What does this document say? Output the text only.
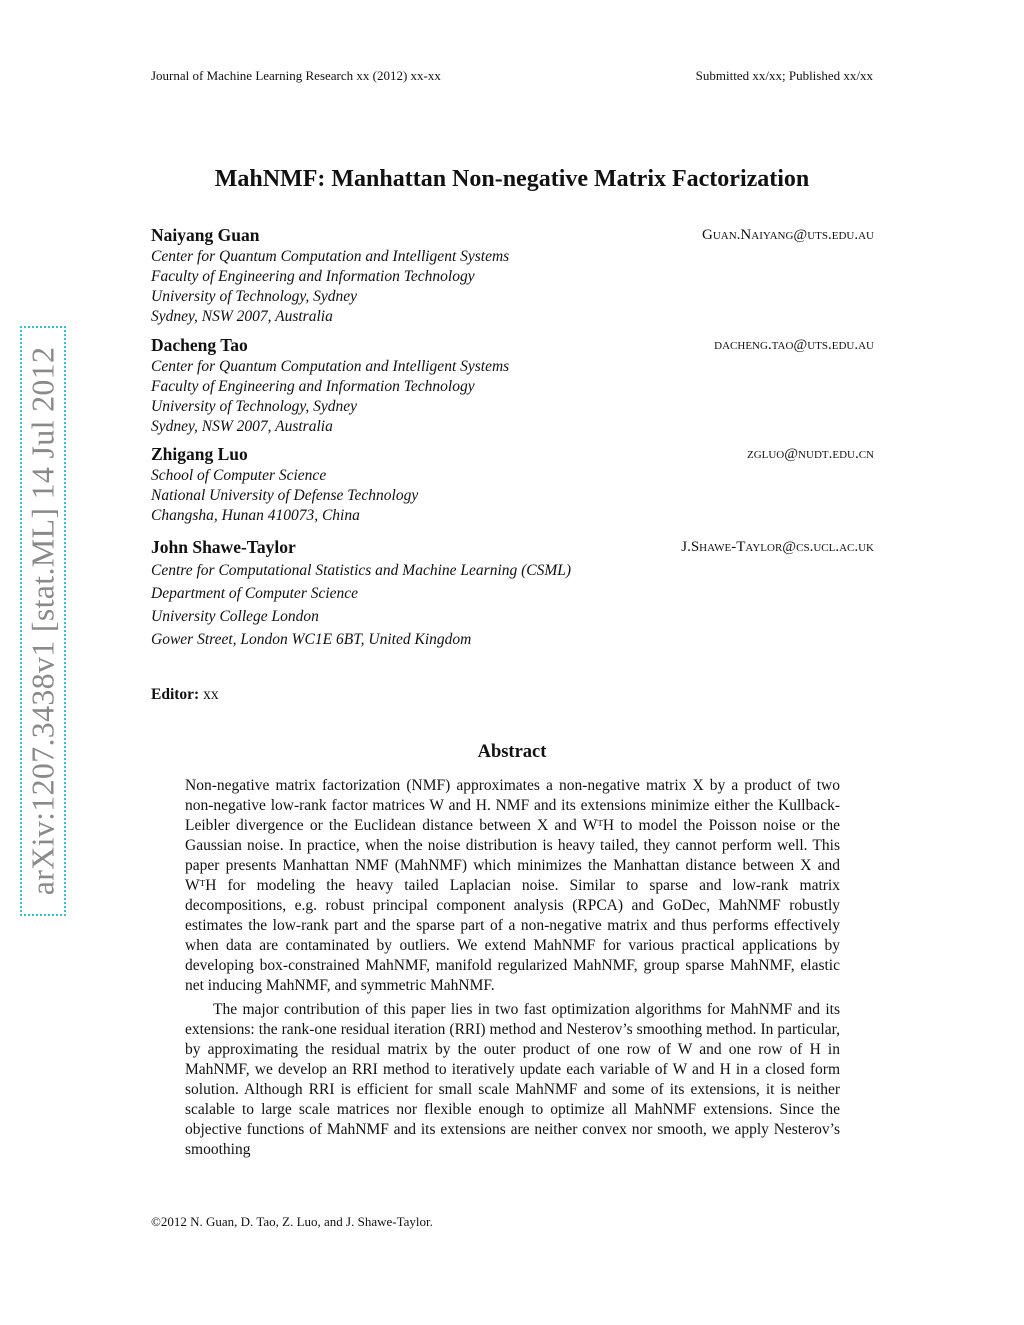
Journal of Machine Learning Research xx (2012) xx-xx	Submitted xx/xx; Published xx/xx
arXiv:1207.3438v1 [stat.ML] 14 Jul 2012
MahNMF: Manhattan Non-negative Matrix Factorization
Naiyang Guan	Guan.Naiyang@uts.edu.au
Center for Quantum Computation and Intelligent Systems
Faculty of Engineering and Information Technology
University of Technology, Sydney
Sydney, NSW 2007, Australia
Dacheng Tao	dacheng.tao@uts.edu.au
Center for Quantum Computation and Intelligent Systems
Faculty of Engineering and Information Technology
University of Technology, Sydney
Sydney, NSW 2007, Australia
Zhigang Luo	zgluo@nudt.edu.cn
School of Computer Science
National University of Defense Technology
Changsha, Hunan 410073, China
John Shawe-Taylor	J.Shawe-Taylor@cs.ucl.ac.uk
Centre for Computational Statistics and Machine Learning (CSML)
Department of Computer Science
University College London
Gower Street, London WC1E 6BT, United Kingdom
Editor: xx
Abstract

Non-negative matrix factorization (NMF) approximates a non-negative matrix X by a product of two non-negative low-rank factor matrices W and H. NMF and its extensions minimize either the Kullback-Leibler divergence or the Euclidean distance between X and WᵀH to model the Poisson noise or the Gaussian noise. In practice, when the noise distribution is heavy tailed, they cannot perform well. This paper presents Manhattan NMF (MahNMF) which minimizes the Manhattan distance between X and WᵀH for modeling the heavy tailed Laplacian noise. Similar to sparse and low-rank matrix decompositions, e.g. robust principal component analysis (RPCA) and GoDec, MahNMF robustly estimates the low-rank part and the sparse part of a non-negative matrix and thus performs effectively when data are contaminated by outliers. We extend MahNMF for various practical applications by developing box-constrained MahNMF, manifold regularized MahNMF, group sparse MahNMF, elastic net inducing MahNMF, and symmetric MahNMF.

The major contribution of this paper lies in two fast optimization algorithms for MahNMF and its extensions: the rank-one residual iteration (RRI) method and Nesterov’s smoothing method. In particular, by approximating the residual matrix by the outer product of one row of W and one row of H in MahNMF, we develop an RRI method to iteratively update each variable of W and H in a closed form solution. Although RRI is efficient for small scale MahNMF and some of its extensions, it is neither scalable to large scale matrices nor flexible enough to optimize all MahNMF extensions. Since the objective functions of MahNMF and its extensions are neither convex nor smooth, we apply Nesterov’s smoothing

©2012 N. Guan, D. Tao, Z. Luo, and J. Shawe-Taylor.
